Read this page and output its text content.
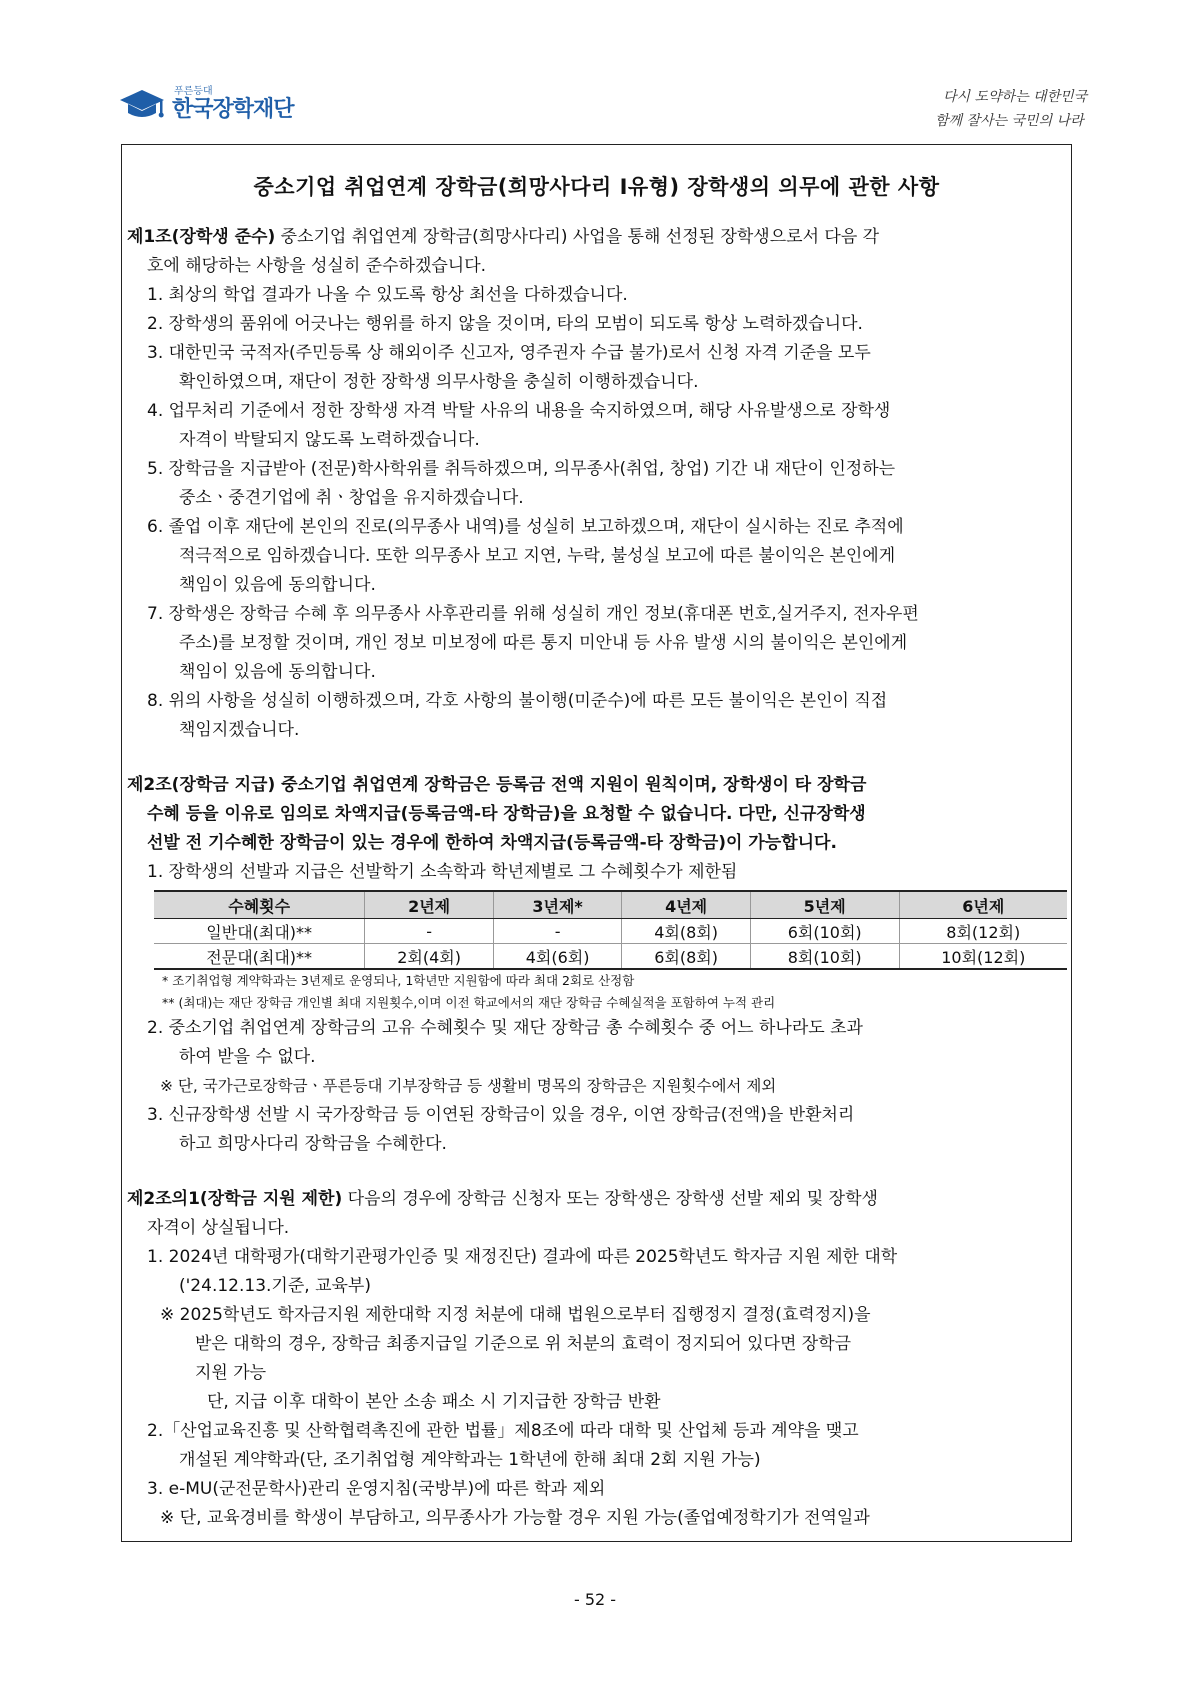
푸른등대
한국장학재단	다시 도약하는 대한민국
함께 잘사는 국민의 나라
중소기업 취업연계 장학금(희망사다리 I유형) 장학생의 의무에 관한 사항
제1조(장학생 준수) 중소기업 취업연계 장학금(희망사다리) 사업을 통해 선정된 장학생으로서 다음 각
호에 해당하는 사항을 성실히 준수하겠습니다.
1. 최상의 학업 결과가 나올 수 있도록 항상 최선을 다하겠습니다.
2. 장학생의 품위에 어긋나는 행위를 하지 않을 것이며, 타의 모범이 되도록 항상 노력하겠습니다.
3. 대한민국 국적자(주민등록 상 해외이주 신고자, 영주권자 수급 불가)로서 신청 자격 기준을 모두
확인하였으며, 재단이 정한 장학생 의무사항을 충실히 이행하겠습니다.
4. 업무처리 기준에서 정한 장학생 자격 박탈 사유의 내용을 숙지하였으며, 해당 사유발생으로 장학생
자격이 박탈되지 않도록 노력하겠습니다.
5. 장학금을 지급받아 (전문)학사학위를 취득하겠으며, 의무종사(취업, 창업) 기간 내 재단이 인정하는
중소ㆍ중견기업에 취ㆍ창업을 유지하겠습니다.
6. 졸업 이후 재단에 본인의 진로(의무종사 내역)를 성실히 보고하겠으며, 재단이 실시하는 진로 추적에
적극적으로 임하겠습니다. 또한 의무종사 보고 지연, 누락, 불성실 보고에 따른 불이익은 본인에게
책임이 있음에 동의합니다.
7. 장학생은 장학금 수혜 후 의무종사 사후관리를 위해 성실히 개인 정보(휴대폰 번호,실거주지, 전자우편
주소)를 보정할 것이며, 개인 정보 미보정에 따른 통지 미안내 등 사유 발생 시의 불이익은 본인에게
책임이 있음에 동의합니다.
8. 위의 사항을 성실히 이행하겠으며, 각호 사항의 불이행(미준수)에 따른 모든 불이익은 본인이 직접
책임지겠습니다.
제2조(장학금 지급) 중소기업 취업연계 장학금은 등록금 전액 지원이 원칙이며, 장학생이 타 장학금
수혜 등을 이유로 임의로 차액지급(등록금액-타 장학금)을 요청할 수 없습니다. 다만, 신규장학생
선발 전 기수혜한 장학금이 있는 경우에 한하여 차액지급(등록금액-타 장학금)이 가능합니다.
1. 장학생의 선발과 지급은 선발학기 소속학과 학년제별로 그 수혜횟수가 제한됨
수혜횟수	2년제	3년제*	4년제	5년제	6년제
일반대(최대)**	-	-	4회(8회)	6회(10회)	8회(12회)
전문대(최대)**	2회(4회)	4회(6회)	6회(8회)	8회(10회)	10회(12회)
* 조기취업형 계약학과는 3년제로 운영되나, 1학년만 지원함에 따라 최대 2회로 산정함
** (최대)는 재단 장학금 개인별 최대 지원횟수,이며 이전 학교에서의 재단 장학금 수혜실적을 포함하여 누적 관리
2. 중소기업 취업연계 장학금의 고유 수혜횟수 및 재단 장학금 총 수혜횟수 중 어느 하나라도 초과
하여 받을 수 없다.
※ 단, 국가근로장학금ㆍ푸른등대 기부장학금 등 생활비 명목의 장학금은 지원횟수에서 제외
3. 신규장학생 선발 시 국가장학금 등 이연된 장학금이 있을 경우, 이연 장학금(전액)을 반환처리
하고 희망사다리 장학금을 수혜한다.
제2조의1(장학금 지원 제한) 다음의 경우에 장학금 신청자 또는 장학생은 장학생 선발 제외 및 장학생
자격이 상실됩니다.
1. 2024년 대학평가(대학기관평가인증 및 재정진단) 결과에 따른 2025학년도 학자금 지원 제한 대학
('24.12.13.기준, 교육부)
※ 2025학년도 학자금지원 제한대학 지정 처분에 대해 법원으로부터 집행정지 결정(효력정지)을
받은 대학의 경우, 장학금 최종지급일 기준으로 위 처분의 효력이 정지되어 있다면 장학금
지원 가능
단, 지급 이후 대학이 본안 소송 패소 시 기지급한 장학금 반환
2.「산업교육진흥 및 산학협력촉진에 관한 법률」제8조에 따라 대학 및 산업체 등과 계약을 맺고
개설된 계약학과(단, 조기취업형 계약학과는 1학년에 한해 최대 2회 지원 가능)
3. e-MU(군전문학사)관리 운영지침(국방부)에 따른 학과 제외
※ 단, 교육경비를 학생이 부담하고, 의무종사가 가능할 경우 지원 가능(졸업예정학기가 전역일과
- 52 -
